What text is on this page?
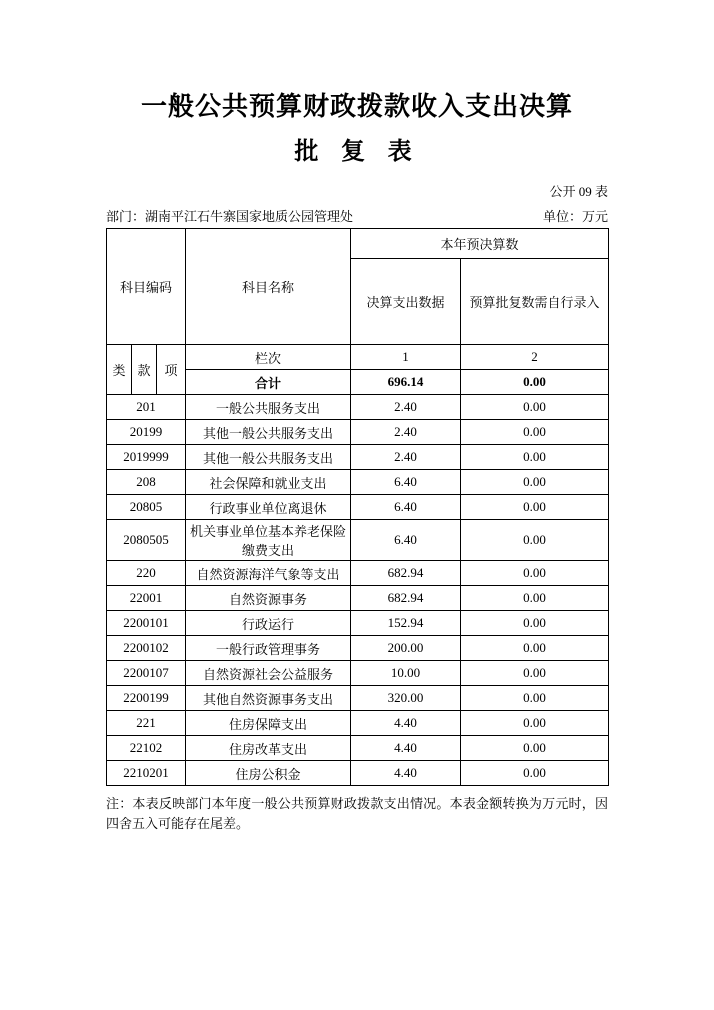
一般公共预算财政拨款收入支出决算
批 复 表
公开 09 表
部门：湖南平江石牛寨国家地质公园管理处	单位：万元
科目编码			科目名称	本年预决算数	
				决算支出数据	预算批复数需自行录入
类	款	项	栏次	1	2
			合计	696.14	0.00
201			一般公共服务支出	2.40	0.00
20199			其他一般公共服务支出	2.40	0.00
2019999			其他一般公共服务支出	2.40	0.00
208			社会保障和就业支出	6.40	0.00
20805			行政事业单位离退休	6.40	0.00
2080505			机关事业单位基本养老保险缴费支出	6.40	0.00
220			自然资源海洋气象等支出	682.94	0.00
22001			自然资源事务	682.94	0.00
2200101			行政运行	152.94	0.00
2200102			一般行政管理事务	200.00	0.00
2200107			自然资源社会公益服务	10.00	0.00
2200199			其他自然资源事务支出	320.00	0.00
221			住房保障支出	4.40	0.00
22102			住房改革支出	4.40	0.00
2210201			住房公积金	4.40	0.00
注：本表反映部门本年度一般公共预算财政拨款支出情况。本表金额转换为万元时，因四舍五入可能存在尾差。
